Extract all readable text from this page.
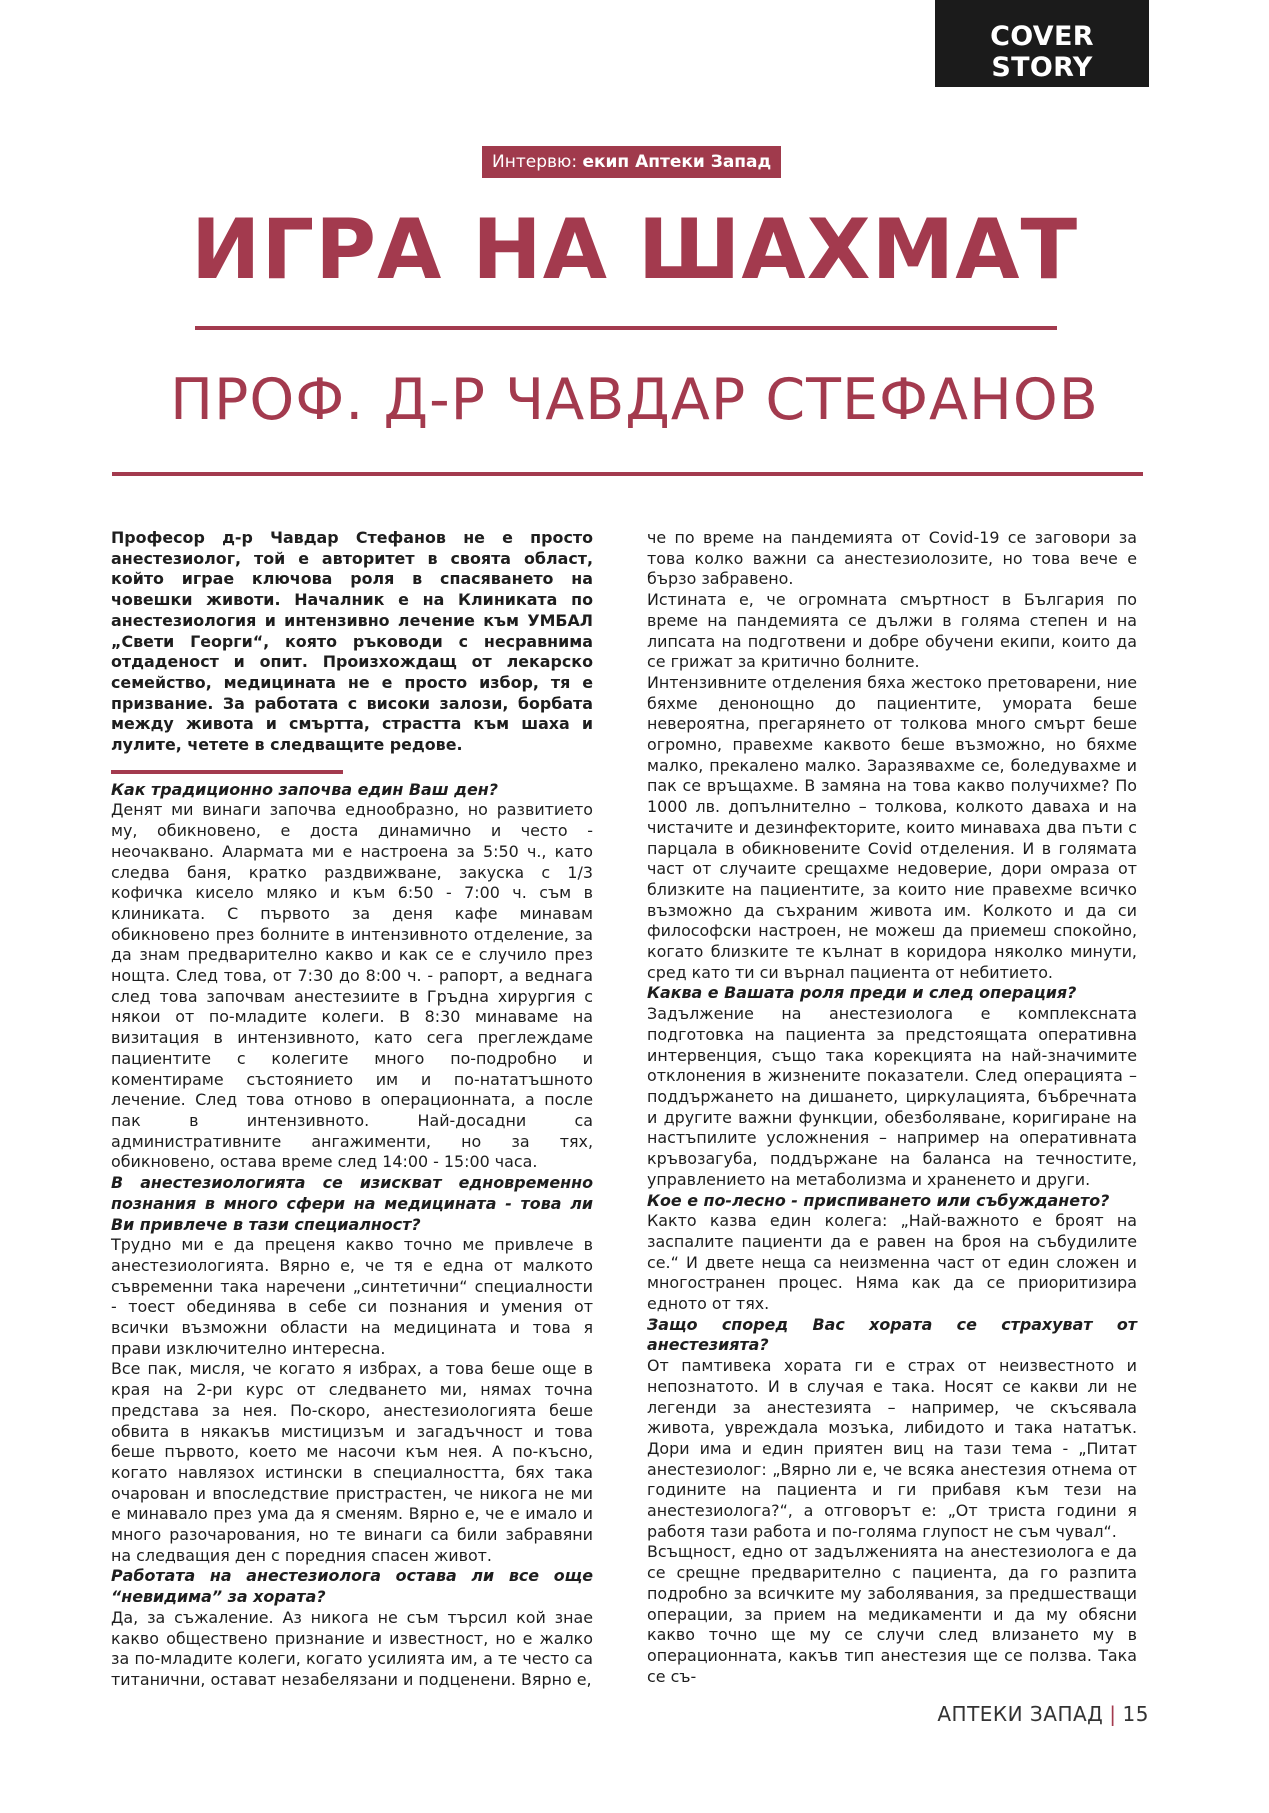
COVER STORY
Интервю: екип Аптеки Запад
ИГРА НА ШАХМАТ
ПРОФ. Д-Р ЧАВДАР СТЕФАНОВ

Професор д-р Чавдар Стефанов не е просто анестезиолог, той е авторитет в своята област, който играе ключова роля в спасяването на човешки животи. Началник е на Клиниката по анестезиология и интензивно лечение към УМБАЛ „Свети Георги“, която ръководи с несравнима отдаденост и опит. Произхождащ от лекарско семейство, медицината не е просто избор, тя е призвание. За работата с високи залози, борбата между живота и смъртта, страстта към шаха и лулите, четете в следващите редове.

Как традиционно започва един Ваш ден?

Денят ми винаги започва еднообразно, но развитието му, обикновено, е доста динамично и често - неочаквано. Алармата ми е настроена за 5:50 ч., като следва баня, кратко раздвижване, закуска с 1/3 кофичка кисело мляко и към 6:50 - 7:00 ч. съм в клиниката. С първото за деня кафе минавам обикновено през болните в интензивното отделение, за да знам предварително какво и как се е случило през нощта. След това, от 7:30 до 8:00 ч. - рапорт, а веднага след това започвам анестезиите в Гръдна хирургия с някои от по-младите колеги. В 8:30 минаваме на визитация в интензивното, като сега преглеждаме пациентите с колегите много по-подробно и коментираме състоянието им и по-нататъшното лечение. След това отново в операционната, а после пак в интензивното. Най-досадни са административните ангажименти, но за тях, обикновено, остава време след 14:00 - 15:00 часа.

В анестезиологията се изискват едновременно познания в много сфери на медицината - това ли Ви привлече в тази специалност?

Трудно ми е да преценя какво точно ме привлече в анестезиологията. Вярно е, че тя е една от малкото съвременни така наречени „синтетични“ специалности - тоест обединява в себе си познания и умения от всички възможни области на медицината и това я прави изключително интересна.

Все пак, мисля, че когато я избрах, а това беше още в края на 2-ри курс от следването ми, нямах точна представа за нея. По-скоро, анестезиологията беше обвита в някакъв мистицизъм и загадъчност и това беше първото, което ме насочи към нея. А по-късно, когато навлязох истински в специалността, бях така очарован и впоследствие пристрастен, че никога не ми е минавало през ума да я сменям. Вярно е, че е имало и много разочарования, но те винаги са били забравяни на следващия ден с поредния спасен живот.

Работата на анестезиолога остава ли все още “невидима” за хората?

Да, за съжаление. Аз никога не съм търсил кой знае какво обществено признание и известност, но е жалко за по-младите колеги, когато усилията им, а те често са титанични, остават незабелязани и подценени. Вярно е,

че по време на пандемията от Covid-19 се заговори за това колко важни са анестезиолозите, но това вече е бързо забравено.

Истината е, че огромната смъртност в България по време на пандемията се дължи в голяма степен и на липсата на подготвени и добре обучени екипи, които да се грижат за критично болните.

Интензивните отделения бяха жестоко претоварени, ние бяхме денонощно до пациентите, умората беше невероятна, прегарянето от толкова много смърт беше огромно, правехме каквото беше възможно, но бяхме малко, прекалено малко. Заразявахме се, боледувахме и пак се връщахме. В замяна на това какво получихме? По 1000 лв. допълнително – толкова, колкото даваха и на чистачите и дезинфекторите, които минаваха два пъти с парцала в обикновените Covid отделения. И в голямата част от случаите срещахме недоверие, дори омраза от близките на пациентите, за които ние правехме всичко възможно да съхраним живота им. Колкото и да си философски настроен, не можеш да приемеш спокойно, когато близките те кълнат в коридора няколко минути, сред като ти си върнал пациента от небитието.

Каква е Вашата роля преди и след операция?

Задължение на анестезиолога е комплексната подготовка на пациента за предстоящата оперативна интервенция, също така корекцията на най-значимите отклонения в жизнените показатели. След операцията – поддържането на дишането, циркулацията, бъбречната и другите важни функции, обезболяване, коригиране на настъпилите усложнения – например на оперативната кръвозагуба, поддържане на баланса на течностите, управлението на метаболизма и храненето и други.

Кое е по-лесно - приспиването или събуждането?

Както казва един колега: „Най-важното е броят на заспалите пациенти да е равен на броя на събудилите се.“ И двете неща са неизменна част от един сложен и многостранен процес. Няма как да се приоритизира едното от тях.

Защо според Вас хората се страхуват от анестезията?

От памтивека хората ги е страх от неизвестното и непознатото. И в случая е така. Носят се какви ли не легенди за анестезията – например, че скъсявала живота, увреждала мозъка, либидото и така нататък. Дори има и един приятен виц на тази тема - „Питат анестезиолог: „Вярно ли е, че всяка анестезия отнема от годините на пациента и ги прибавя към тези на анестезиолога?“, а отговорът е: „От триста години я работя тази работа и по-голяма глупост не съм чувал“.

Всъщност, едно от задълженията на анестезиолога е да се срещне предварително с пациента, да го разпита подробно за всичките му заболявания, за предшестващи операции, за прием на медикаменти и да му обясни какво точно ще му се случи след влизането му в операционната, какъв тип анестезия ще се ползва. Така се съ-

АПТЕКИ ЗАПАД | 15
